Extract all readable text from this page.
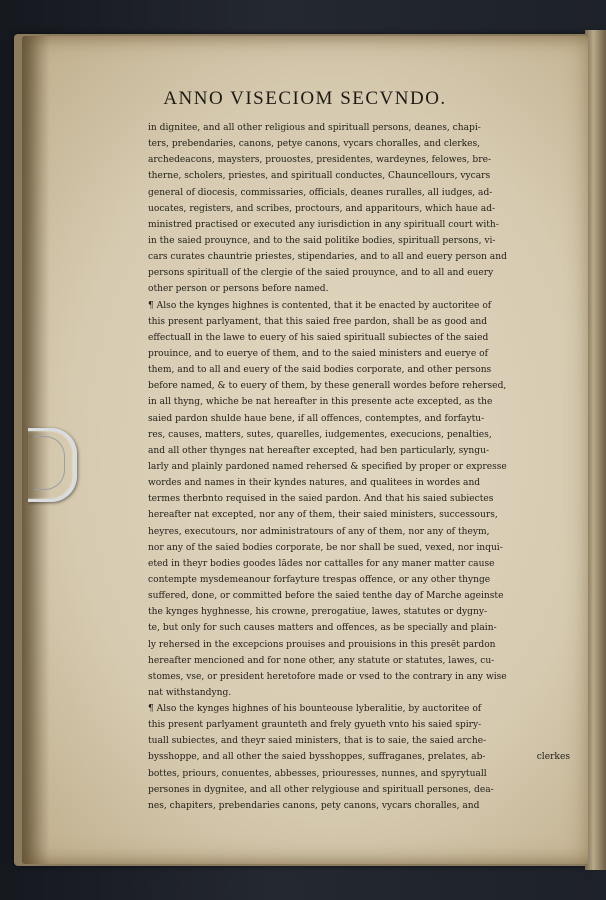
ANNO VISECIOM SECVNDO.
in dignitee, and all other religious and spirituall persons, deanes, chapi-
ters, prebendaries, canons, petye canons, vycars choralles, and clerkes,
archedeacons, maysters, prouostes, presidentes, wardeynes, felowes, bre-
therne, scholers, priestes, and spirituall conductes, Chauncellours, vycars
general of diocesis, commissaries, officials, deanes ruralles, all iudges, ad-
uocates, registers, and scribes, proctours, and apparitours, which haue ad-
ministred practised or executed any iurisdiction in any spirituall court with-
in the saied prouynce, and to the said politike bodies, spirituall persons, vi-
cars curates chauntrie priestes, stipendaries, and to all and euery person and
persons spirituall of the clergie of the saied prouynce, and to all and euery
other person or persons before named.
¶ Also the kynges highnes is contented, that it be enacted by auctoritee of
this present parlyament, that this saied free pardon, shall be as good and
effectuall in the lawe to euery of his saied spirituall subiectes of the saied
prouince, and to euerye of them, and to the saied ministers and euerye of
them, and to all and euery of the said bodies corporate, and other persons
before named, & to euery of them, by these generall wordes before rehersed,
in all thyng, whiche be nat hereafter in this presente acte excepted, as the
saied pardon shulde haue bene, if all offences, contemptes, and forfaytu-
res, causes, matters, sutes, quarelles, iudgementes, execucions, penalties,
and all other thynges nat hereafter excepted, had ben particularly, syngu-
larly and plainly pardoned named rehersed & specified by proper or expresse
wordes and names in their kyndes natures, and qualitees in wordes and
termes therbnto requised in the saied pardon. And that his saied subiectes
hereafter nat excepted, nor any of them, their saied ministers, successours,
heyres, executours, nor administratours of any of them, nor any of theym,
nor any of the saied bodies corporate, be nor shall be sued, vexed, nor inqui-
eted in theyr bodies goodes lādes nor cattalles for any maner matter cause
contempte mysdemeanour forfayture trespas offence, or any other thynge
suffered, done, or committed before the saied tenthe day of Marche ageinste
the kynges hyghnesse, his crowne, prerogatiue, lawes, statutes or dygny-
te, but only for such causes matters and offences, as be specially and plain-
ly rehersed in the excepcions prouises and prouisions in this presēt pardon
hereafter mencioned and for none other, any statute or statutes, lawes, cu-
stomes, vse, or president heretofore made or vsed to the contrary in any wise
nat withstandyng.
¶ Also the kynges highnes of his bounteouse lyberalitie, by auctoritee of
this present parlyament graunteth and frely gyueth vnto his saied spiry-
tuall subiectes, and theyr saied ministers, that is to saie, the saied arche-
bysshoppe, and all other the saied bysshoppes, suffraganes, prelates, ab-
bottes, priours, conuentes, abbesses, priouresses, nunnes, and spyrytuall
persones in dygnitee, and all other relygiouse and spirituall persones, dea-
nes, chapiters, prebendaries canons, pety canons, vycars choralles, and
clerkes
